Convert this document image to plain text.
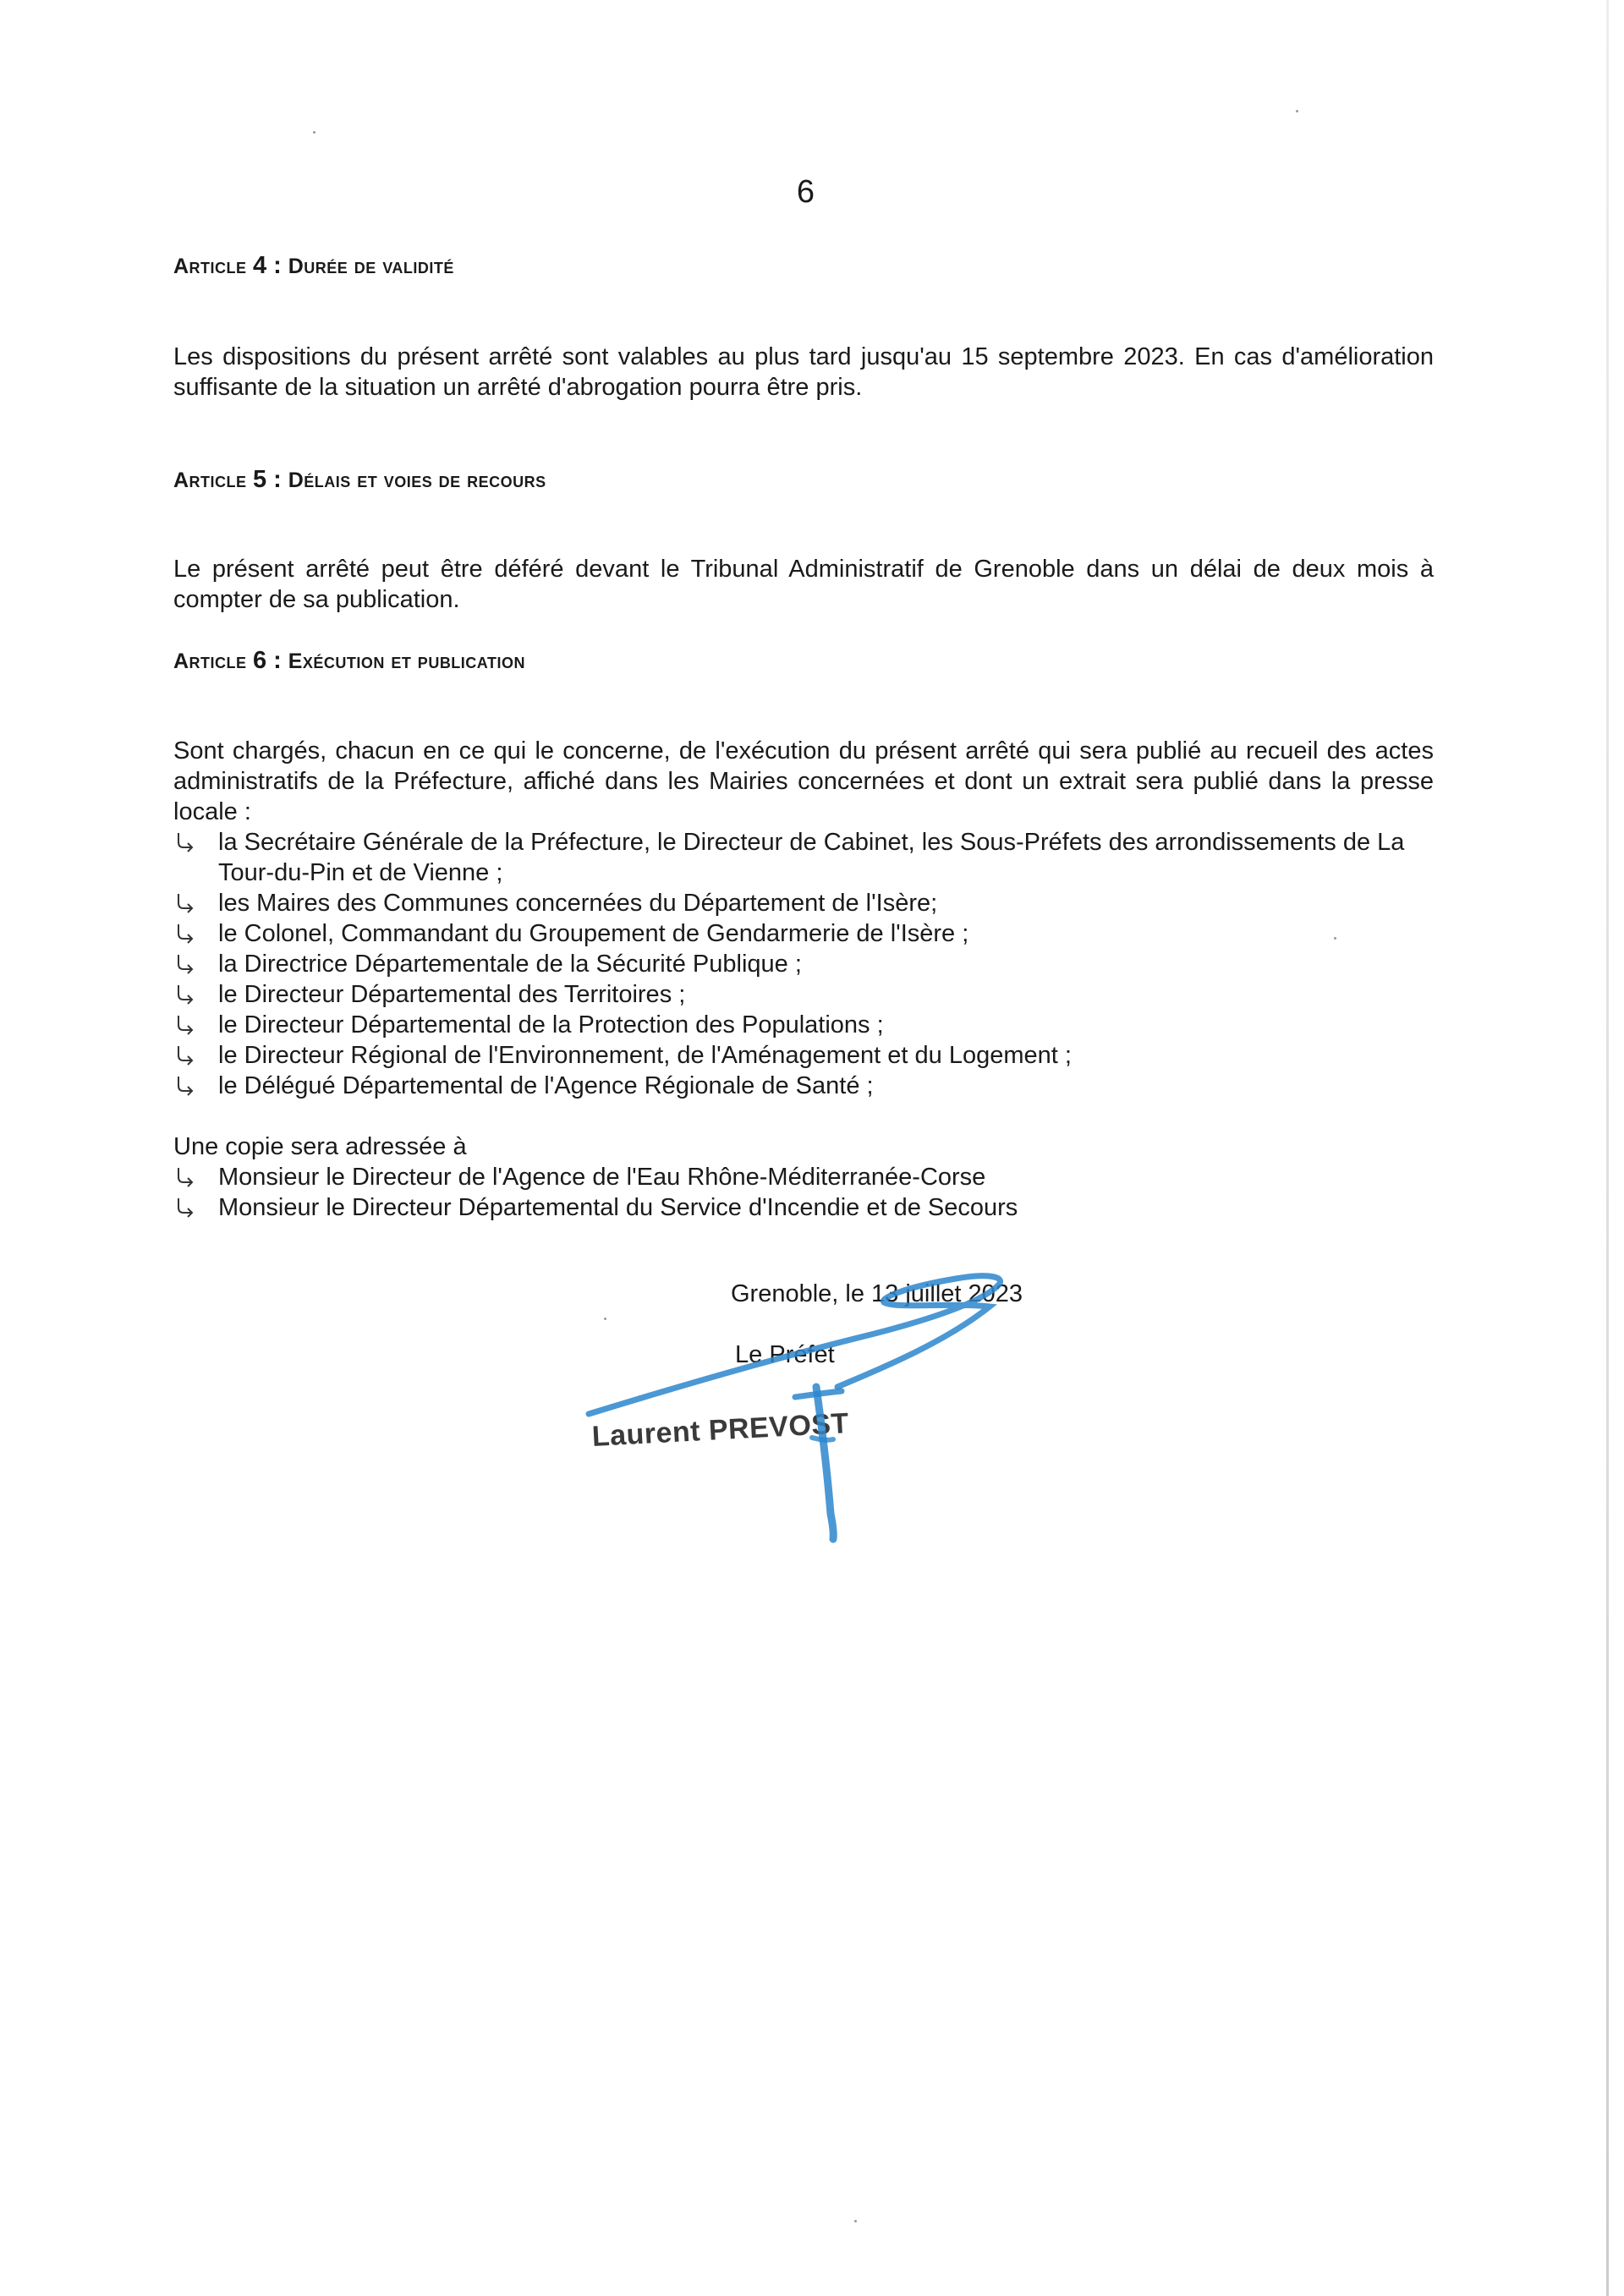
6
Article 4 : Durée de validité
Les dispositions du présent arrêté sont valables au plus tard jusqu'au 15 septembre 2023. En cas d'amélioration suffisante de la situation un arrêté d'abrogation pourra être pris.
Article 5 : Délais et voies de recours
Le présent arrêté peut être déféré devant le Tribunal Administratif de Grenoble dans un délai de deux mois à compter de sa publication.
Article 6 : Exécution et publication
Sont chargés, chacun en ce qui le concerne, de l'exécution du présent arrêté qui sera publié au recueil des actes administratifs de la Préfecture, affiché dans les Mairies concernées et dont un extrait sera publié dans la presse locale :
la Secrétaire Générale de la Préfecture, le Directeur de Cabinet, les Sous-Préfets des arrondissements de La Tour-du-Pin et de Vienne ;
les Maires des Communes concernées du Département de l'Isère;
le Colonel, Commandant du Groupement de Gendarmerie de l'Isère ;
la Directrice Départementale de la Sécurité Publique ;
le Directeur Départemental des Territoires ;
le Directeur Départemental de la Protection des Populations ;
le Directeur Régional de l'Environnement, de l'Aménagement et du Logement ;
le Délégué Départemental de l'Agence Régionale de Santé ;
Une copie sera adressée à
Monsieur le Directeur de l'Agence de l'Eau Rhône-Méditerranée-Corse
Monsieur le Directeur Départemental du Service d'Incendie et de Secours
Grenoble, le 13 juillet 2023
Le Préfet
Laurent PREVOST
